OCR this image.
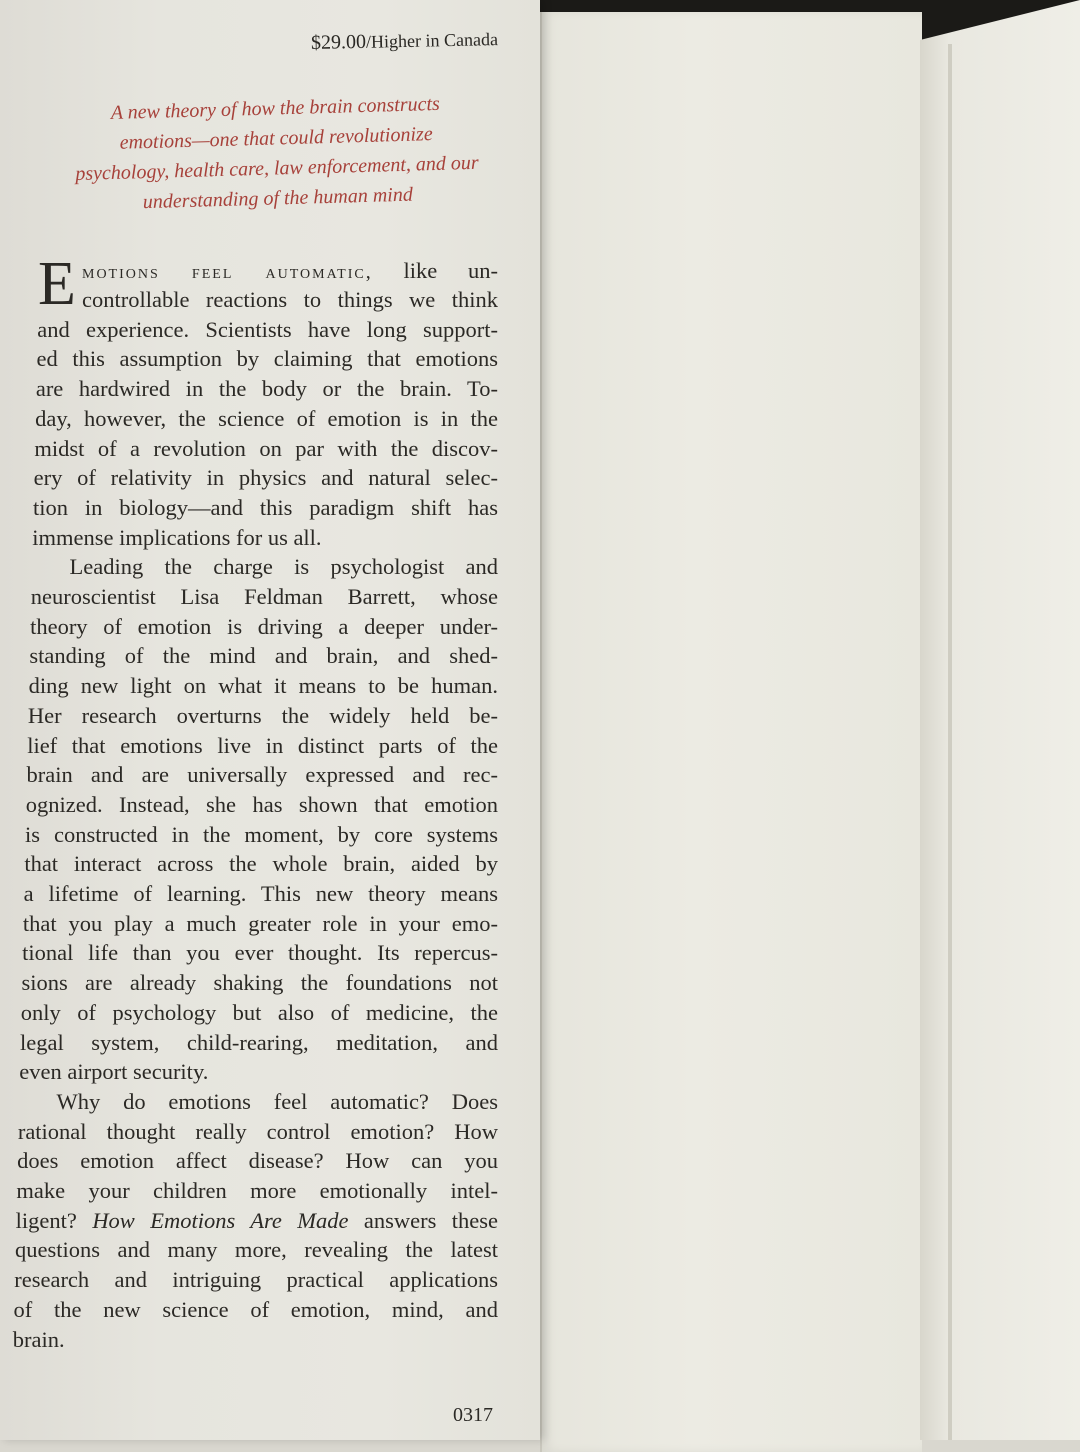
$29.00/Higher in Canada
A new theory of how the brain constructs
emotions—one that could revolutionize
psychology, health care, law enforcement, and our
understanding of the human mind
E motions feel automatic, like un-
controllable reactions to things we think
and experience. Scientists have long support-
ed this assumption by claiming that emotions
are hardwired in the body or the brain. To-
day, however, the science of emotion is in the
midst of a revolution on par with the discov-
ery of relativity in physics and natural selec-
tion in biology—and this paradigm shift has
immense implications for us all.
Leading the charge is psychologist and
neuroscientist Lisa Feldman Barrett, whose
theory of emotion is driving a deeper under-
standing of the mind and brain, and shed-
ding new light on what it means to be human.
Her research overturns the widely held be-
lief that emotions live in distinct parts of the
brain and are universally expressed and rec-
ognized. Instead, she has shown that emotion
is constructed in the moment, by core systems
that interact across the whole brain, aided by
a lifetime of learning. This new theory means
that you play a much greater role in your emo-
tional life than you ever thought. Its repercus-
sions are already shaking the foundations not
only of psychology but also of medicine, the
legal system, child-rearing, meditation, and
even airport security.
Why do emotions feel automatic? Does
rational thought really control emotion? How
does emotion affect disease? How can you
make your children more emotionally intel-
ligent? How Emotions Are Made answers these
questions and many more, revealing the latest
research and intriguing practical applications
of the new science of emotion, mind, and
brain.
0317
